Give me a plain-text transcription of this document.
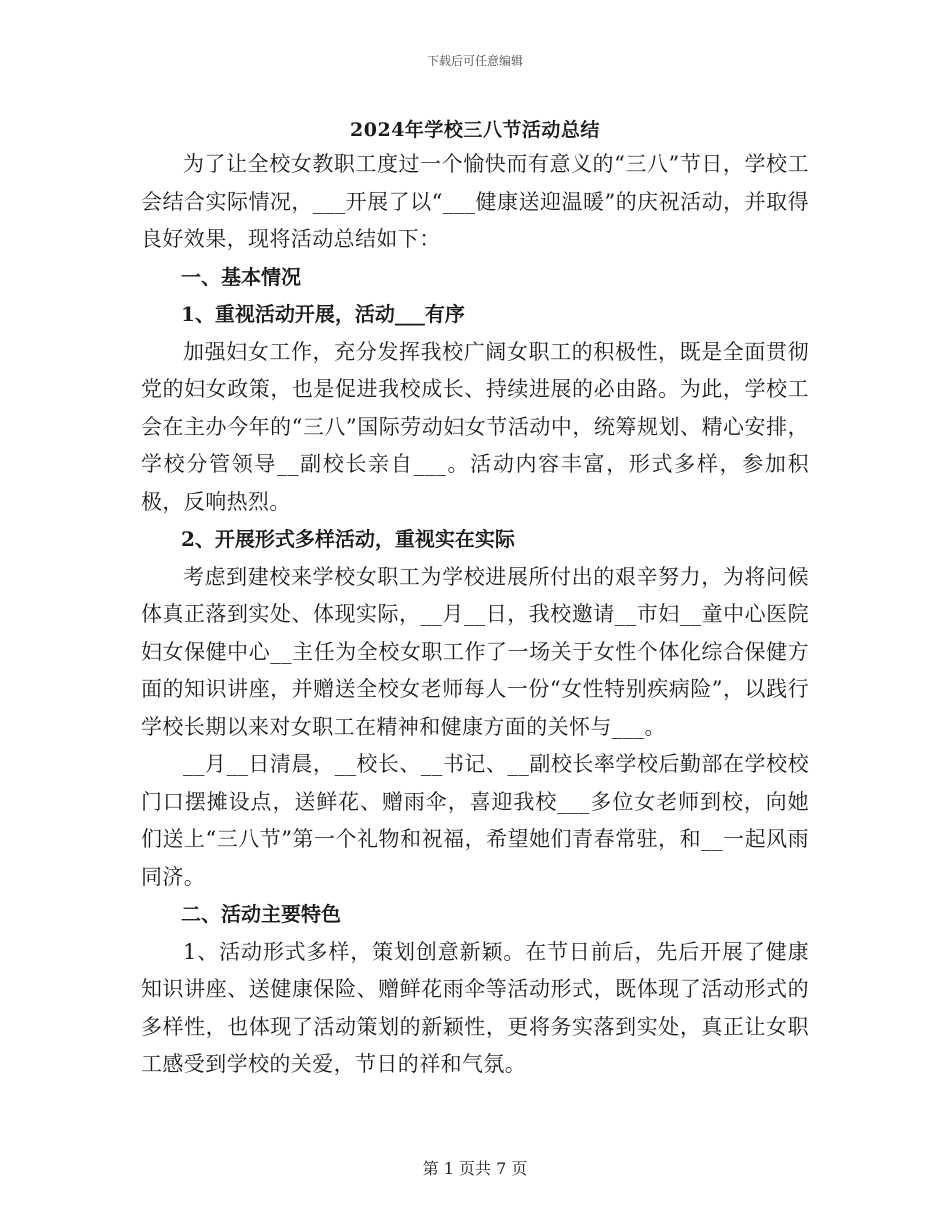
下载后可任意编辑
2024年学校三八节活动总结

为了让全校女教职工度过一个愉快而有意义的“三八”节日，学校工会结合实际情况，___开展了以“___健康送迎温暖”的庆祝活动，并取得良好效果，现将活动总结如下：

一、基本情况

1、重视活动开展，活动___有序

加强妇女工作，充分发挥我校广阔女职工的积极性，既是全面贯彻党的妇女政策，也是促进我校成长、持续进展的必由路。为此，学校工会在主办今年的“三八”国际劳动妇女节活动中，统筹规划、精心安排，学校分管领导__副校长亲自___。活动内容丰富，形式多样，参加积极，反响热烈。

2、开展形式多样活动，重视实在实际

考虑到建校来学校女职工为学校进展所付出的艰辛努力，为将问候体真正落到实处、体现实际，__月__日，我校邀请__市妇__童中心医院妇女保健中心__主任为全校女职工作了一场关于女性个体化综合保健方面的知识讲座，并赠送全校女老师每人一份“女性特别疾病险”，以践行学校长期以来对女职工在精神和健康方面的关怀与___。

__月__日清晨，__校长、__书记、__副校长率学校后勤部在学校校门口摆摊设点，送鲜花、赠雨伞，喜迎我校___多位女老师到校，向她们送上“三八节”第一个礼物和祝福，希望她们青春常驻，和__一起风雨同济。

二、活动主要特色

1、活动形式多样，策划创意新颖。在节日前后，先后开展了健康知识讲座、送健康保险、赠鲜花雨伞等活动形式，既体现了活动形式的多样性，也体现了活动策划的新颖性，更将务实落到实处，真正让女职工感受到学校的关爱，节日的祥和气氛。

第 1 页共 7 页
